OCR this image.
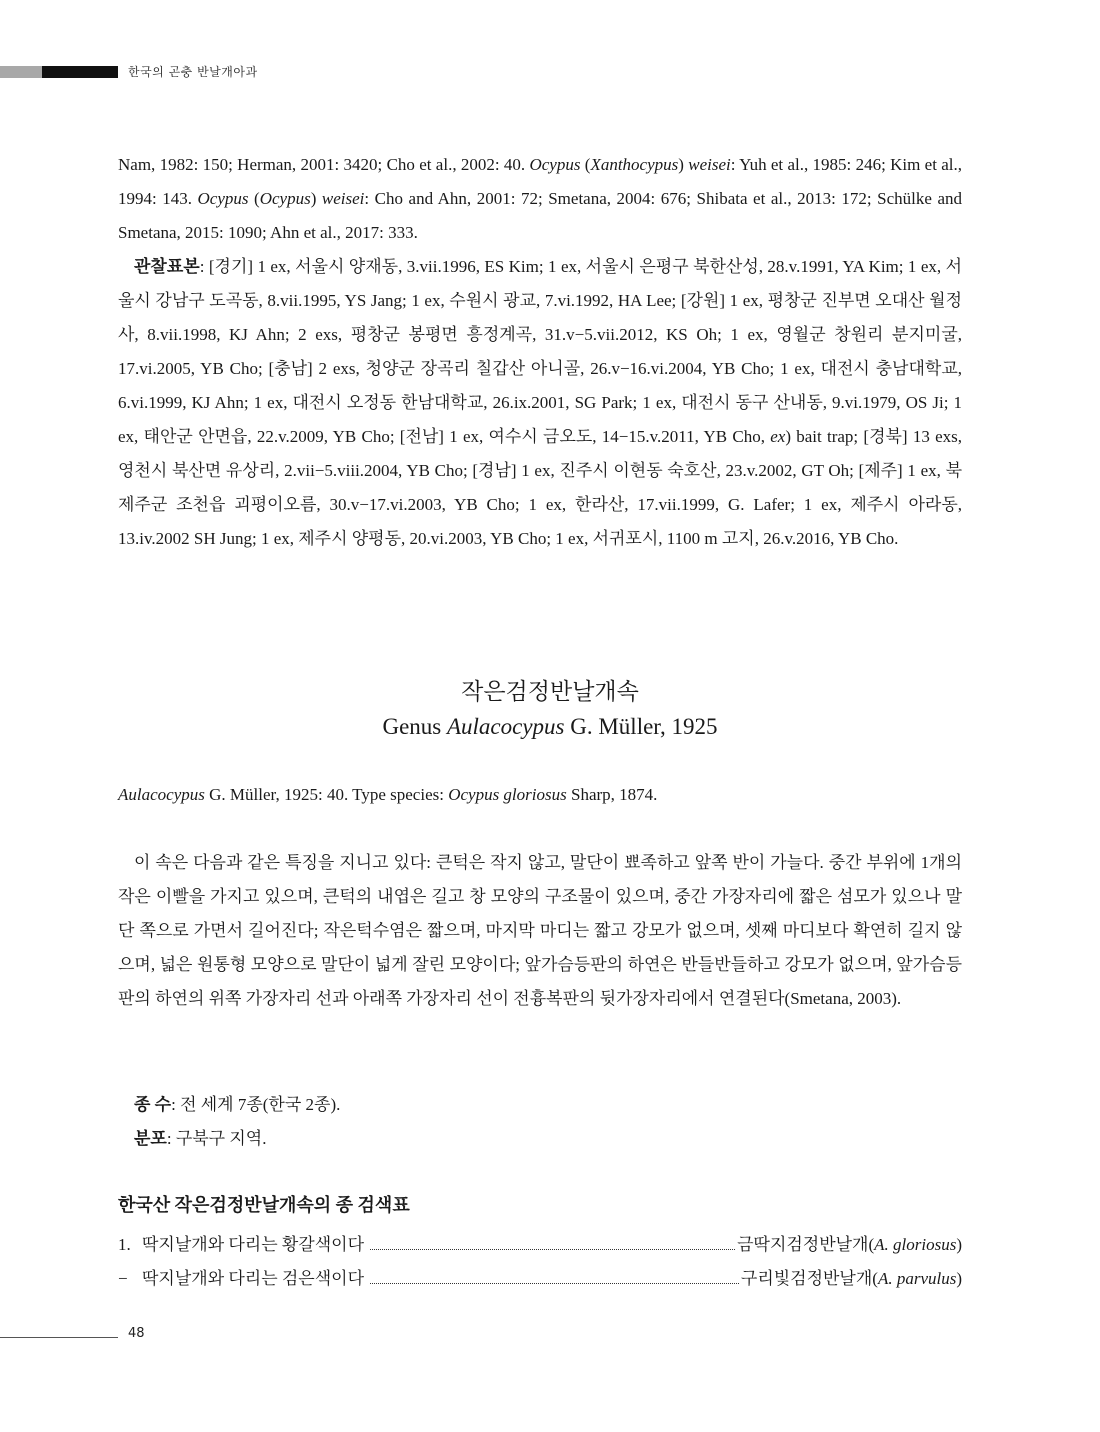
한국의 곤충 반날개아과

Nam, 1982: 150; Herman, 2001: 3420; Cho et al., 2002: 40. Ocypus (Xanthocypus) weisei: Yuh et al., 1985: 246; Kim et al., 1994: 143. Ocypus (Ocypus) weisei: Cho and Ahn, 2001: 72; Smetana, 2004: 676; Shibata et al., 2013: 172; Schülke and Smetana, 2015: 1090; Ahn et al., 2017: 333.

관찰표본: [경기] 1 ex, 서울시 양재동, 3.vii.1996, ES Kim; 1 ex, 서울시 은평구 북한산성, 28.v.1991, YA Kim; 1 ex, 서울시 강남구 도곡동, 8.vii.1995, YS Jang; 1 ex, 수원시 광교, 7.vi.1992, HA Lee; [강원] 1 ex, 평창군 진부면 오대산 월정사, 8.vii.1998, KJ Ahn; 2 exs, 평창군 봉평면 흥정계곡, 31.v−5.vii.2012, KS Oh; 1 ex, 영월군 창원리 분지미굴, 17.vi.2005, YB Cho; [충남] 2 exs, 청양군 장곡리 칠갑산 아니골, 26.v−16.vi.2004, YB Cho; 1 ex, 대전시 충남대학교, 6.vi.1999, KJ Ahn; 1 ex, 대전시 오정동 한남대학교, 26.ix.2001, SG Park; 1 ex, 대전시 동구 산내동, 9.vi.1979, OS Ji; 1 ex, 태안군 안면읍, 22.v.2009, YB Cho; [전남] 1 ex, 여수시 금오도, 14−15.v.2011, YB Cho, ex) bait trap; [경북] 13 exs, 영천시 북산면 유상리, 2.vii−5.viii.2004, YB Cho; [경남] 1 ex, 진주시 이현동 숙호산, 23.v.2002, GT Oh; [제주] 1 ex, 북제주군 조천읍 괴평이오름, 30.v−17.vi.2003, YB Cho; 1 ex, 한라산, 17.vii.1999, G. Lafer; 1 ex, 제주시 아라동, 13.iv.2002 SH Jung; 1 ex, 제주시 양평동, 20.vi.2003, YB Cho; 1 ex, 서귀포시, 1100 m 고지, 26.v.2016, YB Cho.

작은검정반날개속
Genus Aulacocypus G. Müller, 1925

Aulacocypus G. Müller, 1925: 40. Type species: Ocypus gloriosus Sharp, 1874.

이 속은 다음과 같은 특징을 지니고 있다: 큰턱은 작지 않고, 말단이 뾰족하고 앞쪽 반이 가늘다. 중간 부위에 1개의 작은 이빨을 가지고 있으며, 큰턱의 내엽은 길고 창 모양의 구조물이 있으며, 중간 가장자리에 짧은 섬모가 있으나 말단 쪽으로 가면서 길어진다; 작은턱수염은 짧으며, 마지막 마디는 짧고 강모가 없으며, 셋째 마디보다 확연히 길지 않으며, 넓은 원통형 모양으로 말단이 넓게 잘린 모양이다; 앞가슴등판의 하연은 반들반들하고 강모가 없으며, 앞가슴등판의 하연의 위쪽 가장자리 선과 아래쪽 가장자리 선이 전흉복판의 뒷가장자리에서 연결된다(Smetana, 2003).

종 수: 전 세계 7종(한국 2종).

분포: 구북구 지역.

한국산 작은검정반날개속의 종 검색표
1. 딱지날개와 다리는 황갈색이다	금딱지검정반날개(A. gloriosus)
− 딱지날개와 다리는 검은색이다	구리빛검정반날개(A. parvulus)
48
